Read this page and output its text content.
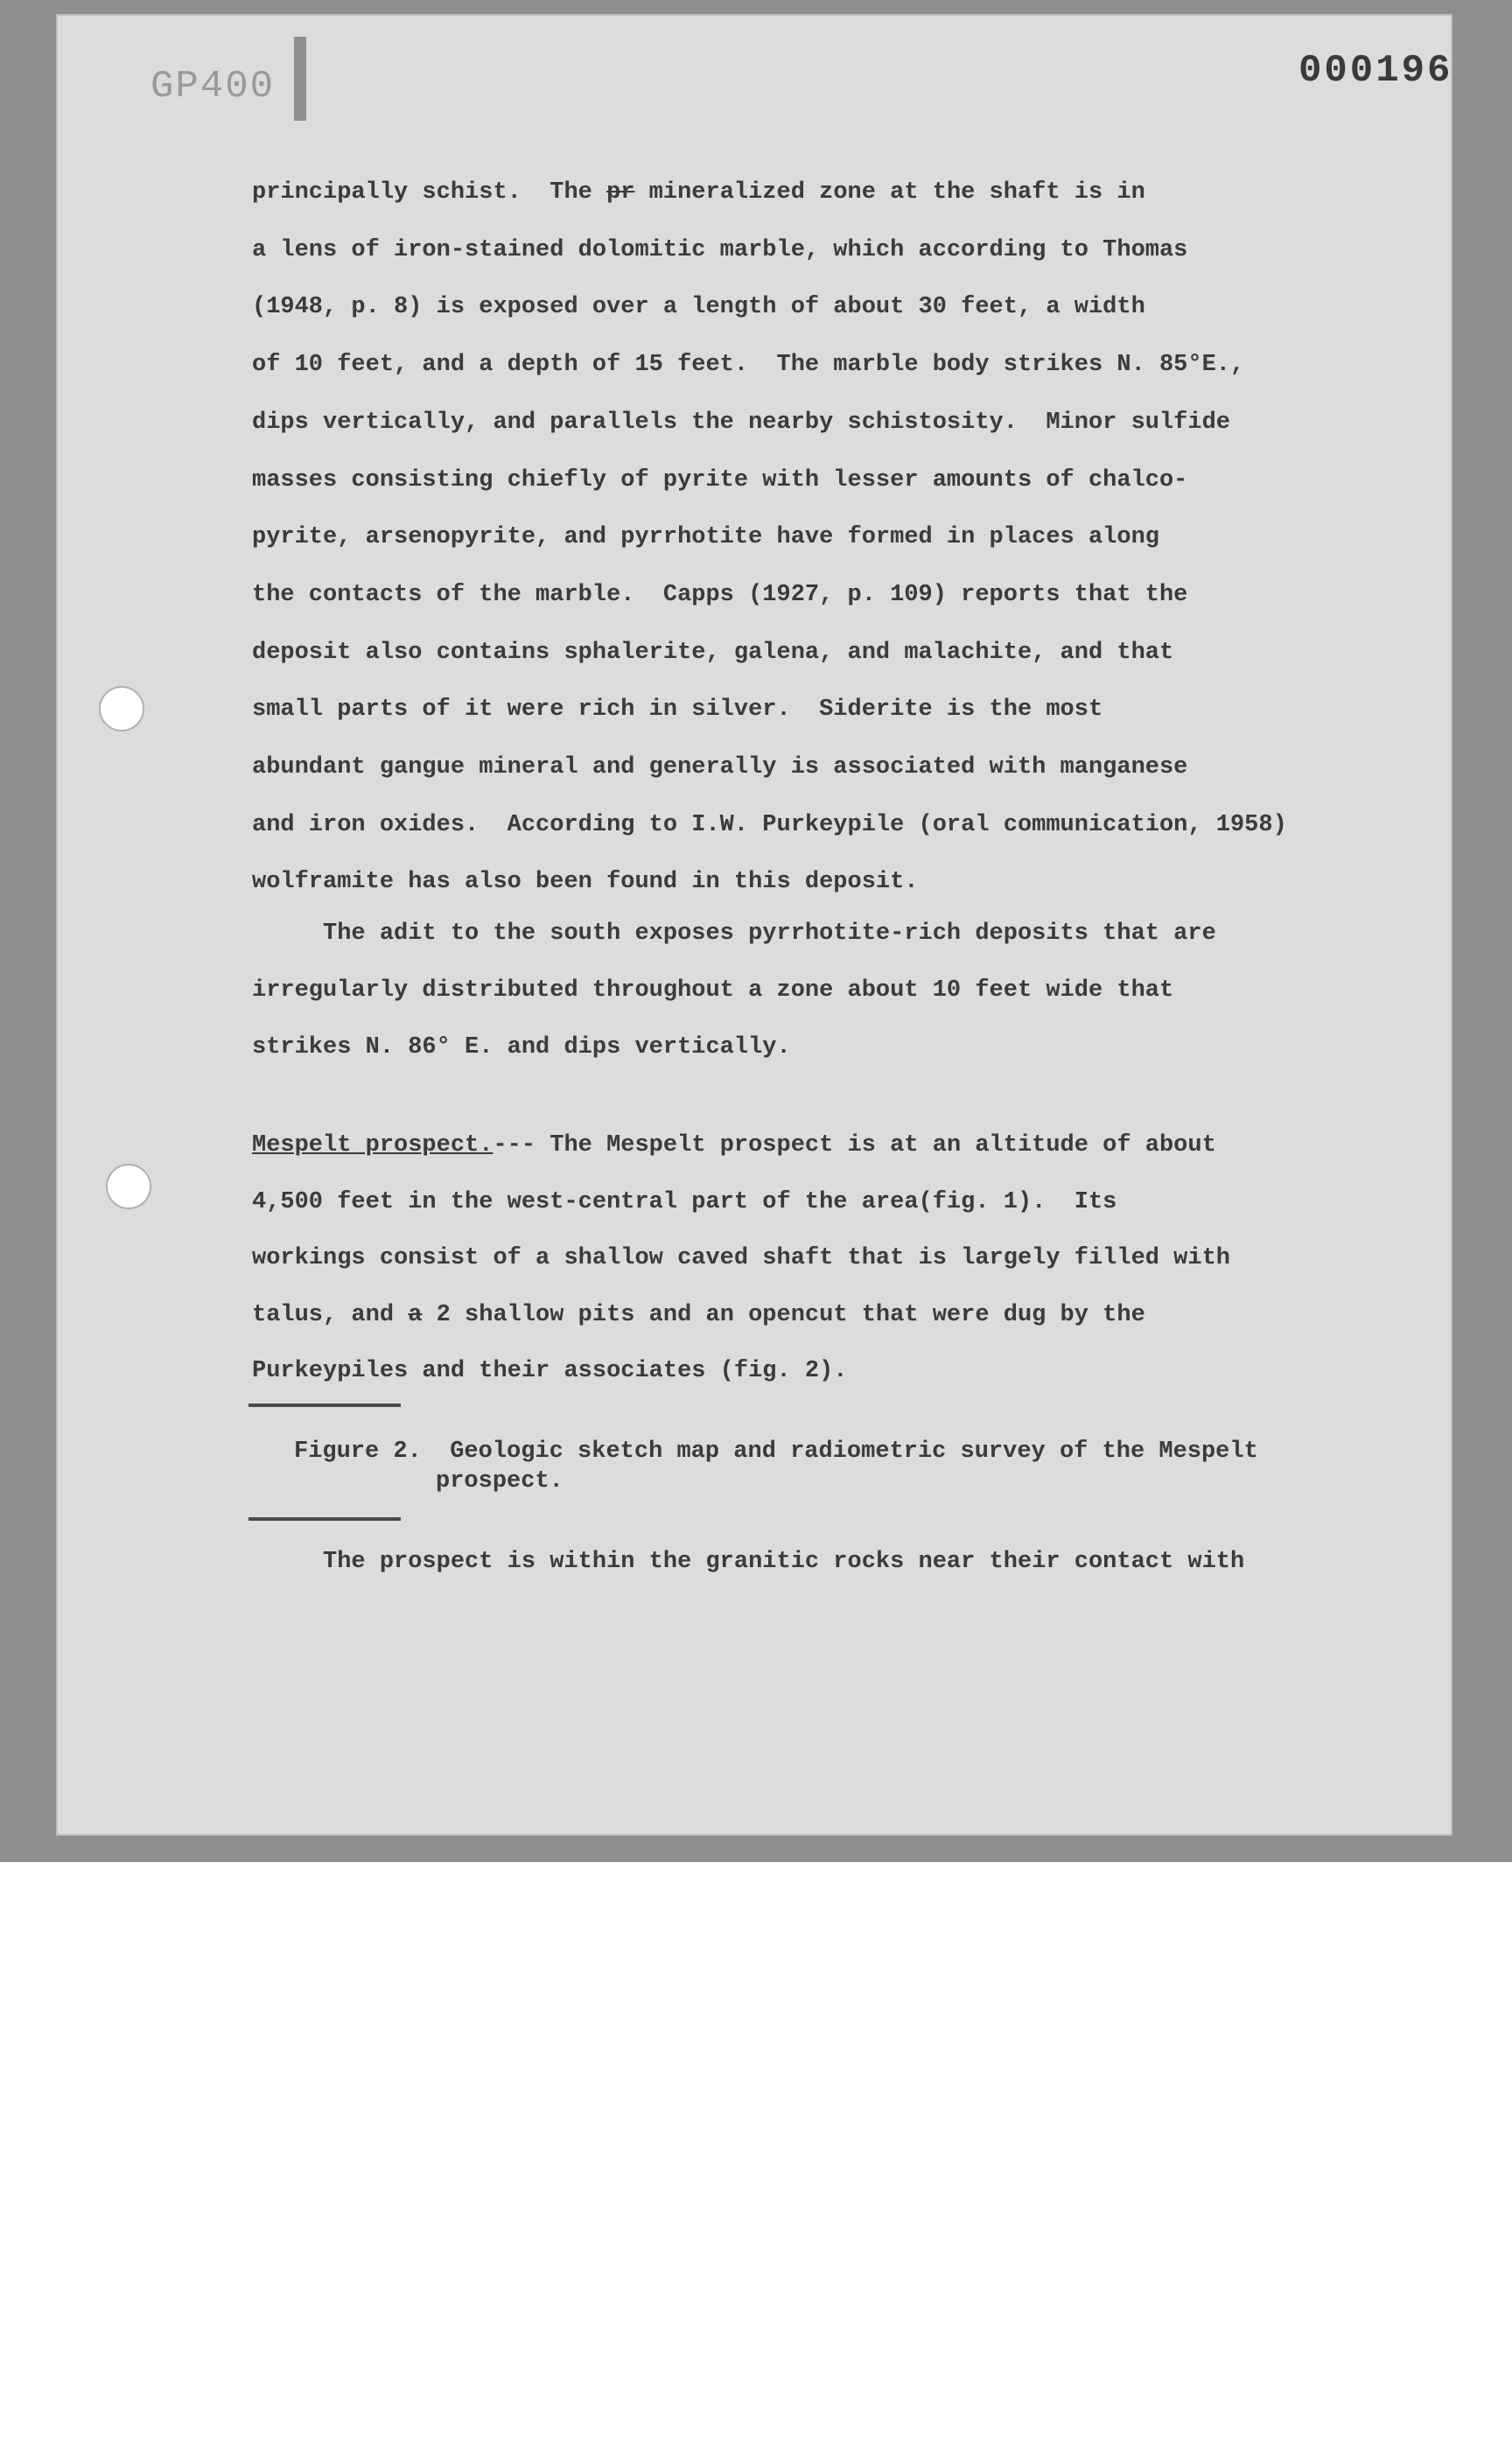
GP400	000196
principally schist.  The pr mineralized zone at the shaft is in
a lens of iron-stained dolomitic marble, which according to Thomas
(1948, p. 8) is exposed over a length of about 30 feet, a width
of 10 feet, and a depth of 15 feet.  The marble body strikes N. 85°E.,
dips vertically, and parallels the nearby schistosity.  Minor sulfide
masses consisting chiefly of pyrite with lesser amounts of chalco-
pyrite, arsenopyrite, and pyrrhotite have formed in places along
the contacts of the marble.  Capps (1927, p. 109) reports that the
deposit also contains sphalerite, galena, and malachite, and that
small parts of it were rich in silver.  Siderite is the most
abundant gangue mineral and generally is associated with manganese
and iron oxides.  According to I.W. Purkeypile (oral communication, 1958)
wolframite has also been found in this deposit.
The adit to the south exposes pyrrhotite-rich deposits that are
irregularly distributed throughout a zone about 10 feet wide that
strikes N. 86° E. and dips vertically.
Mespelt prospect.--- The Mespelt prospect is at an altitude of about
4,500 feet in the west-central part of the area(fig. 1).  Its
workings consist of a shallow caved shaft that is largely filled with
talus, and a 2 shallow pits and an opencut that were dug by the
Purkeypiles and their associates (fig. 2).
Figure 2. Geologic sketch map and radiometric survey of the Mespelt
prospect.
The prospect is within the granitic rocks near their contact with
